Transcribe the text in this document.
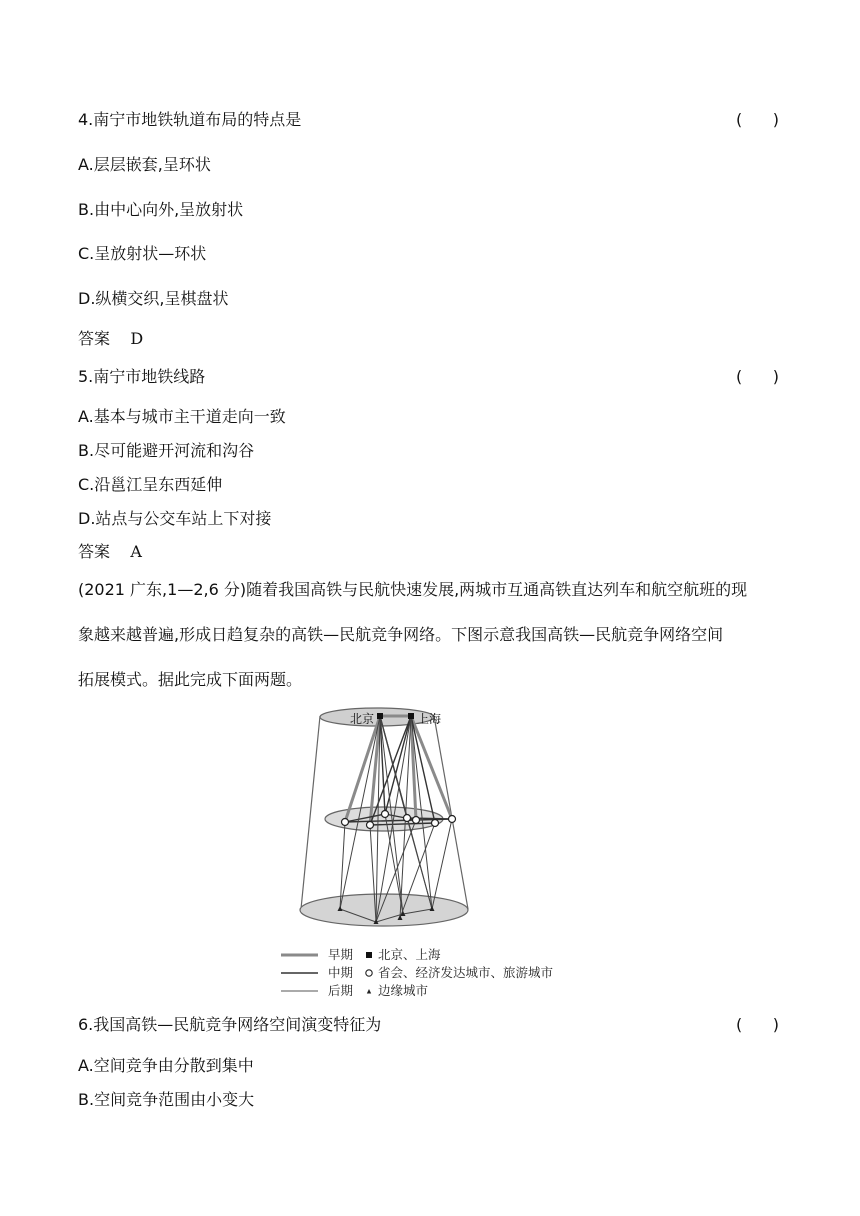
4.南宁市地铁轨道布局的特点是	(      )
A.层层嵌套,呈环状
B.由中心向外,呈放射状
C.呈放射状—环状
D.纵横交织,呈棋盘状
答案    D
5.南宁市地铁线路	(      )
A.基本与城市主干道走向一致
B.尽可能避开河流和沟谷
C.沿邕江呈东西延伸
D.站点与公交车站上下对接
答案    A
(2021 广东,1—2,6 分)随着我国高铁与民航快速发展,两城市互通高铁直达列车和航空航班的现
象越来越普遍,形成日趋复杂的高铁—民航竞争网络。下图示意我国高铁—民航竞争网络空间
拓展模式。据此完成下面两题。
北京	上海
早期 北京、上海
中期 省会、经济发达城市、旅游城市
后期 边缘城市
6.我国高铁—民航竞争网络空间演变特征为	(      )
A.空间竞争由分散到集中
B.空间竞争范围由小变大
